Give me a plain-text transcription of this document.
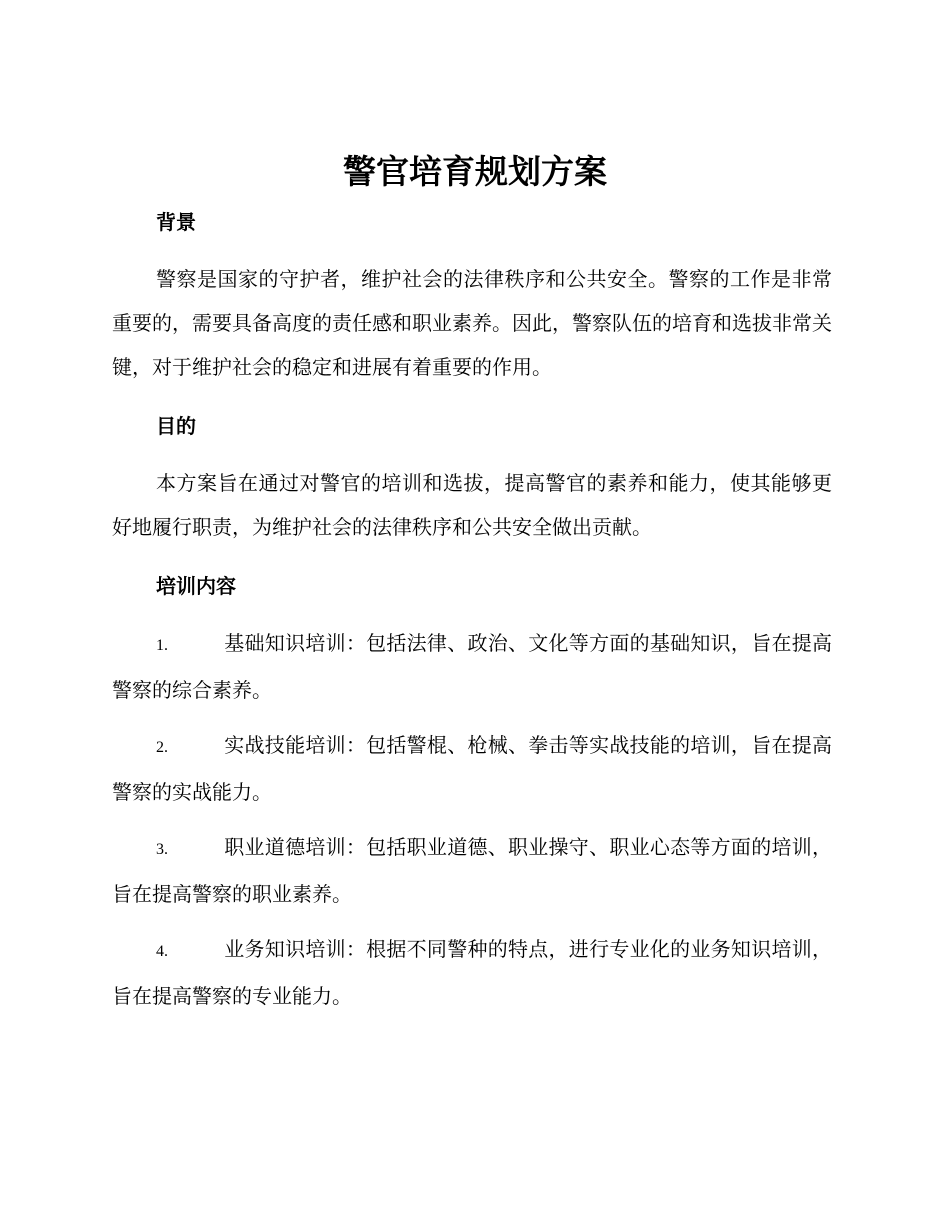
警官培育规划方案
背景

警察是国家的守护者，维护社会的法律秩序和公共安全。警察的工作是非常重要的，需要具备高度的责任感和职业素养。因此，警察队伍的培育和选拔非常关键，对于维护社会的稳定和进展有着重要的作用。

目的

本方案旨在通过对警官的培训和选拔，提高警官的素养和能力，使其能够更好地履行职责，为维护社会的法律秩序和公共安全做出贡献。

培训内容

1.	基础知识培训：包括法律、政治、文化等方面的基础知识，旨在提高警察的综合素养。

2.	实战技能培训：包括警棍、枪械、拳击等实战技能的培训，旨在提高警察的实战能力。

3.	职业道德培训：包括职业道德、职业操守、职业心态等方面的培训，旨在提高警察的职业素养。

4.	业务知识培训：根据不同警种的特点，进行专业化的业务知识培训，旨在提高警察的专业能力。
